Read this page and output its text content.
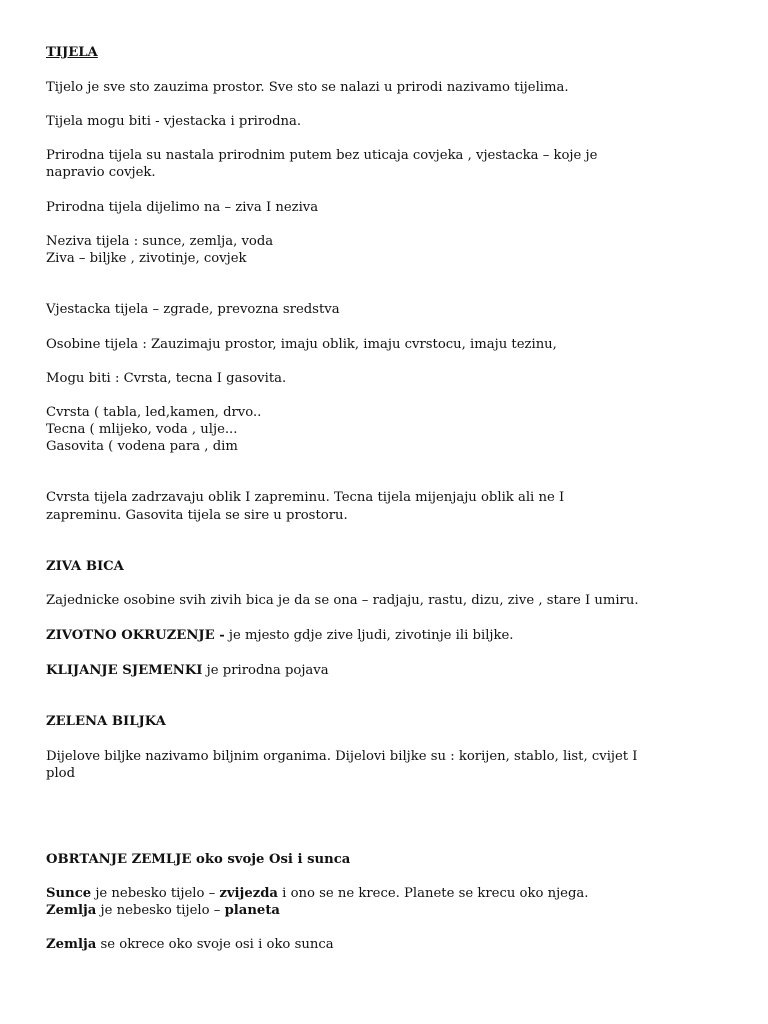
TIJELA
Tijelo je sve sto zauzima prostor. Sve sto se nalazi u prirodi nazivamo tijelima.
Tijela mogu biti - vjestacka i prirodna.
Prirodna tijela su nastala prirodnim putem bez uticaja covjeka , vjestacka – koje je
napravio covjek.
Prirodna tijela dijelimo na – ziva I neziva
Neziva tijela : sunce, zemlja, voda
Ziva – biljke , zivotinje, covjek
Vjestacka tijela – zgrade, prevozna sredstva
Osobine tijela : Zauzimaju prostor, imaju oblik, imaju cvrstocu, imaju tezinu,
Mogu biti : Cvrsta, tecna I gasovita.
Cvrsta ( tabla, led,kamen, drvo..
Tecna ( mlijeko, voda , ulje...
Gasovita ( vodena para , dim
Cvrsta tijela zadrzavaju oblik I zapreminu. Tecna tijela mijenjaju oblik ali ne I
zapreminu. Gasovita tijela se sire u prostoru.
ZIVA BICA
Zajednicke osobine svih zivih bica je da se ona – radjaju, rastu, dizu, zive , stare I umiru.
ZIVOTNO OKRUZENJE - je mjesto gdje zive ljudi, zivotinje ili biljke.
KLIJANJE SJEMENKI je prirodna pojava
ZELENA BILJKA
Dijelove biljke nazivamo biljnim organima. Dijelovi biljke su : korijen, stablo, list, cvijet I
plod
OBRTANJE ZEMLJE oko svoje Osi i sunca
Sunce je nebesko tijelo – zvijezda i ono se ne krece. Planete se krecu oko njega.
Zemlja je nebesko tijelo – planeta
Zemlja se okrece oko svoje osi i oko sunca
